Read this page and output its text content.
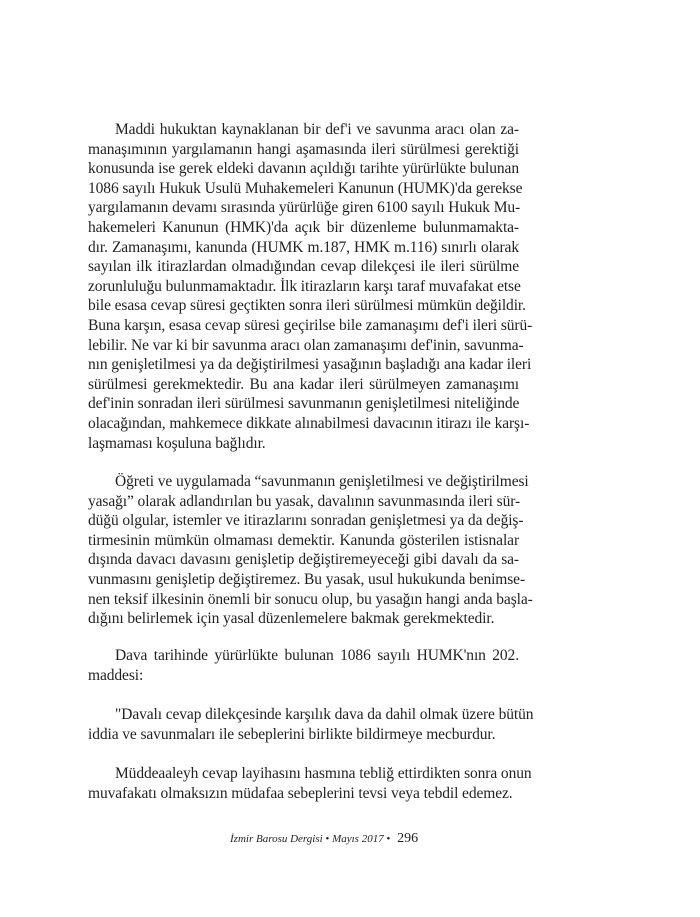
Maddi hukuktan kaynaklanan bir def'i ve savunma aracı olan za-
manaşımının yargılamanın hangi aşamasında ileri sürülmesi gerektiği
konusunda ise gerek eldeki davanın açıldığı tarihte yürürlükte bulunan
1086 sayılı Hukuk Usulü Muhakemeleri Kanunun (HUMK)'da gerekse
yargılamanın devamı sırasında yürürlüğe giren 6100 sayılı Hukuk Mu-
hakemeleri Kanunun (HMK)'da açık bir düzenleme bulunmamakta-
dır. Zamanaşımı, kanunda (HUMK m.187, HMK m.116) sınırlı olarak
sayılan ilk itirazlardan olmadığından cevap dilekçesi ile ileri sürülme
zorunluluğu bulunmamaktadır. İlk itirazların karşı taraf muvafakat etse
bile esasa cevap süresi geçtikten sonra ileri sürülmesi mümkün değildir.
Buna karşın, esasa cevap süresi geçirilse bile zamanaşımı def'i ileri sürü-
lebilir. Ne var ki bir savunma aracı olan zamanaşımı def'inin, savunma-
nın genişletilmesi ya da değiştirilmesi yasağının başladığı ana kadar ileri
sürülmesi gerekmektedir. Bu ana kadar ileri sürülmeyen zamanaşımı
def'inin sonradan ileri sürülmesi savunmanın genişletilmesi niteliğinde
olacağından, mahkemece dikkate alınabilmesi davacının itirazı ile karşı-
laşmaması koşuluna bağlıdır.

Öğreti ve uygulamada “savunmanın genişletilmesi ve değiştirilmesi
yasağı” olarak adlandırılan bu yasak, davalının savunmasında ileri sür-
düğü olgular, istemler ve itirazlarını sonradan genişletmesi ya da değiş-
tirmesinin mümkün olmaması demektir. Kanunda gösterilen istisnalar
dışında davacı davasını genişletip değiştiremeyeceği gibi davalı da sa-
vunmasını genişletip değiştiremez. Bu yasak, usul hukukunda benimse-
nen teksif ilkesinin önemli bir sonucu olup, bu yasağın hangi anda başla-
dığını belirlemek için yasal düzenlemelere bakmak gerekmektedir.

Dava tarihinde yürürlükte bulunan 1086 sayılı HUMK'nın 202.
maddesi:

"Davalı cevap dilekçesinde karşılık dava da dahil olmak üzere bütün
iddia ve savunmaları ile sebeplerini birlikte bildirmeye mecburdur.

Müddeaaleyh cevap layihasını hasmına tebliğ ettirdikten sonra onun
muvafakatı olmaksızın müdafaa sebeplerini tevsi veya tebdil edemez.

İzmir Barosu Dergisi • Mayıs 2017 • 296
